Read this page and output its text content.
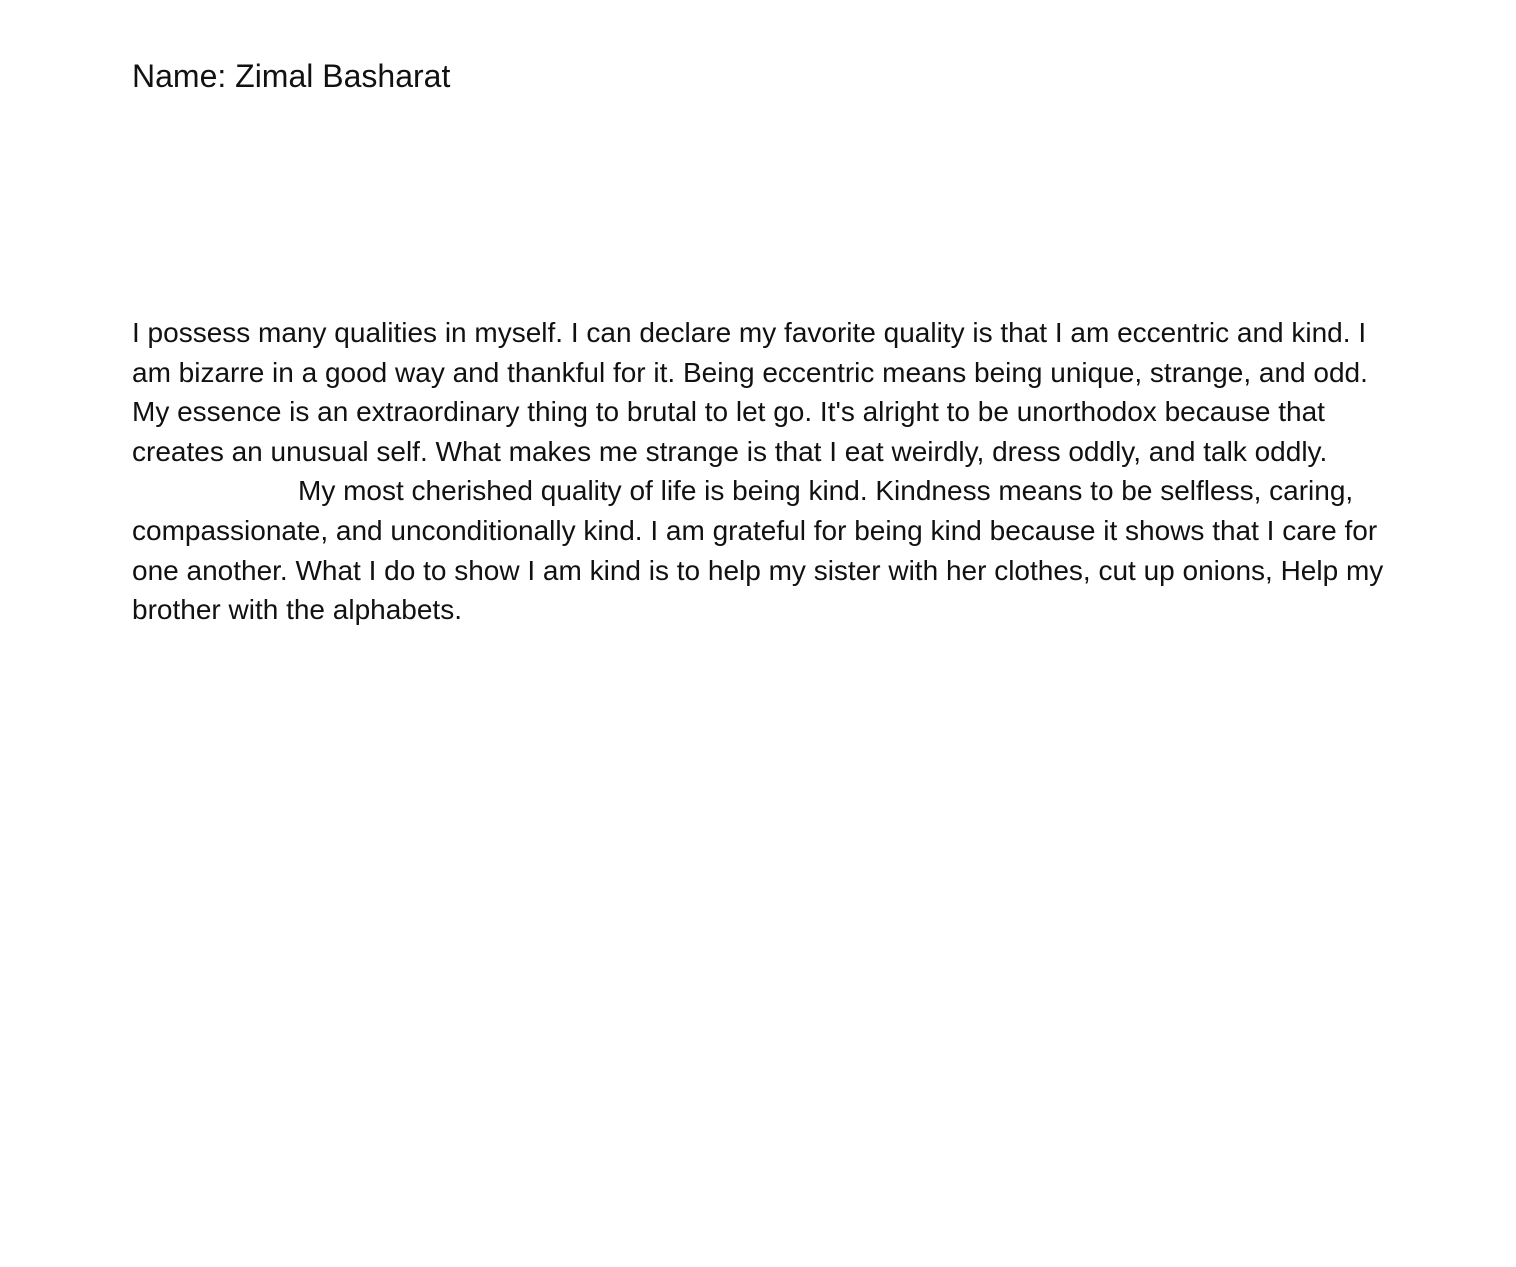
Name: Zimal Basharat

I possess many qualities in myself. I can declare my favorite quality is that I am eccentric and kind. I am bizarre in a good way and thankful for it. Being eccentric means being unique, strange, and odd. My essence is an extraordinary thing to brutal to let go. It's alright to be unorthodox because that creates an unusual self. What makes me strange is that I eat weirdly, dress oddly, and talk oddly.

My most cherished quality of life is being kind. Kindness means to be selfless, caring, compassionate, and unconditionally kind. I am grateful for being kind because it shows that I care for one another. What I do to show I am kind is to help my sister with her clothes, cut up onions, Help my brother with the alphabets.
